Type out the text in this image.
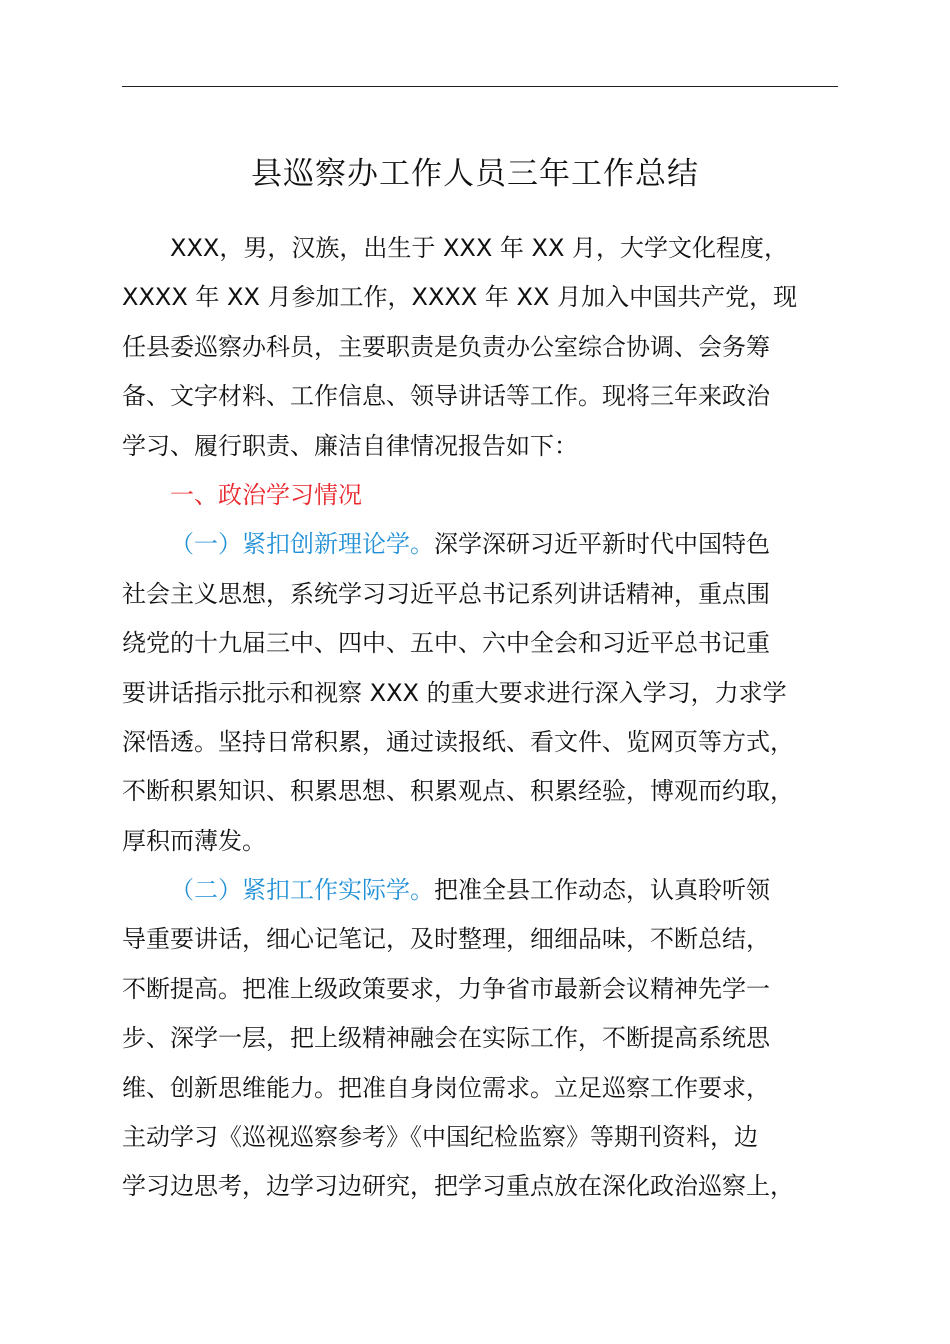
县巡察办工作人员三年工作总结
XXX，男，汉族，出生于 XXX 年 XX 月，大学文化程度，
XXXX 年 XX 月参加工作，XXXX 年 XX 月加入中国共产党，现
任县委巡察办科员，主要职责是负责办公室综合协调、会务筹
备、文字材料、工作信息、领导讲话等工作。现将三年来政治
学习、履行职责、廉洁自律情况报告如下：
一、政治学习情况
（一）紧扣创新理论学。深学深研习近平新时代中国特色
社会主义思想，系统学习习近平总书记系列讲话精神，重点围
绕党的十九届三中、四中、五中、六中全会和习近平总书记重
要讲话指示批示和视察 XXX 的重大要求进行深入学习，力求学
深悟透。坚持日常积累，通过读报纸、看文件、览网页等方式，
不断积累知识、积累思想、积累观点、积累经验，博观而约取，
厚积而薄发。
（二）紧扣工作实际学。把准全县工作动态，认真聆听领
导重要讲话，细心记笔记，及时整理，细细品味，不断总结，
不断提高。把准上级政策要求，力争省市最新会议精神先学一
步、深学一层，把上级精神融会在实际工作，不断提高系统思
维、创新思维能力。把准自身岗位需求。立足巡察工作要求，
主动学习《巡视巡察参考》《中国纪检监察》等期刊资料，边
学习边思考，边学习边研究，把学习重点放在深化政治巡察上，
